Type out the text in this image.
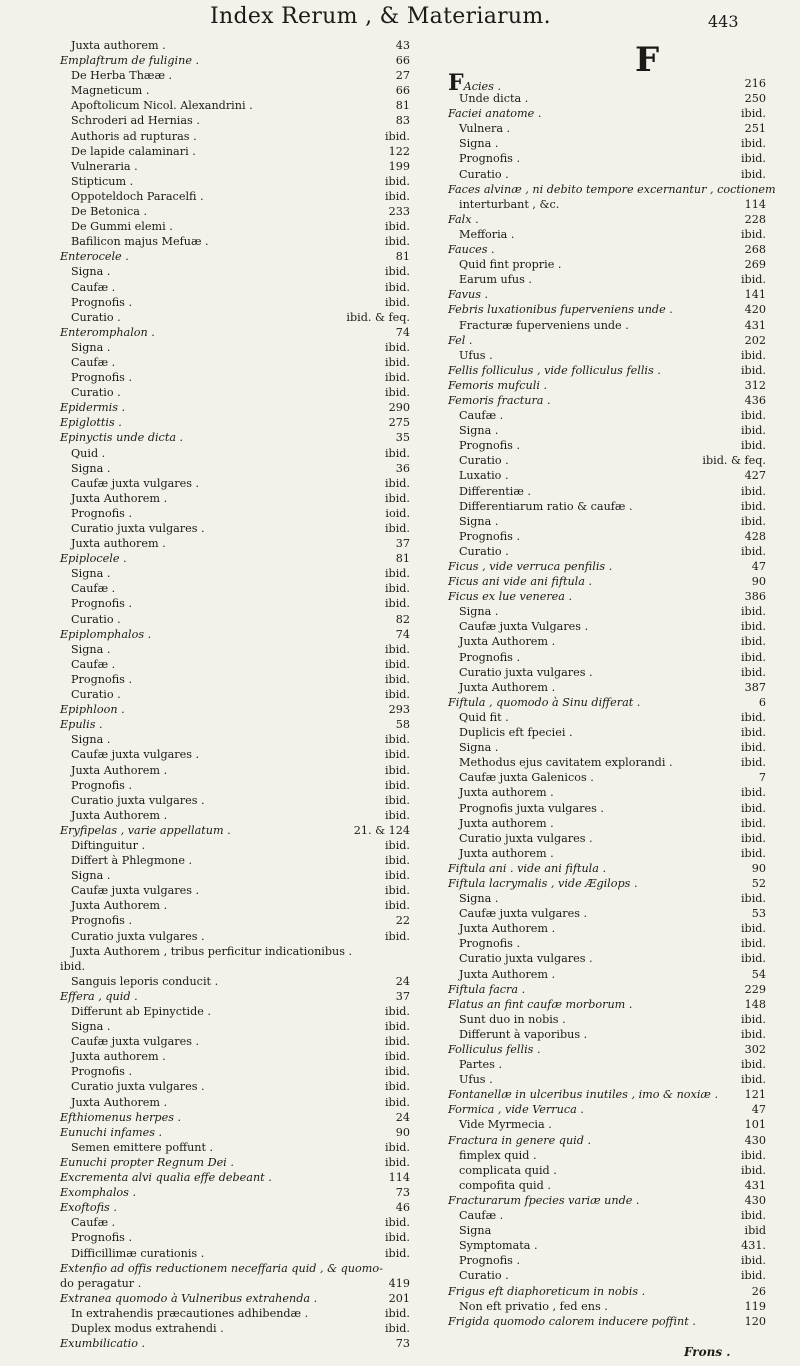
Index Rerum , & Materiarum.	443
F
Juxta authorem .	43
Emplaftrum de fuligine .	66
De Herba Thææ .	27
Magneticum .	66
Apoftolicum Nicol. Alexandrini .	81
Schroderi ad Hernias .	83
Authoris ad rupturas .	ibid.
De lapide calaminari .	122
Vulneraria .	199
Stipticum .	ibid.
Oppoteldoch Paracelfi .	ibid.
De Betonica .	233
De Gummi elemi .	ibid.
Bafilicon majus Mefuæ .	ibid.
Enterocele .	81
Signa .	ibid.
Caufæ .	ibid.
Prognofis .	ibid.
Curatio .	ibid. & feq.
Enteromphalon .	74
Signa .	ibid.
Caufæ .	ibid.
Prognofis .	ibid.
Curatio .	ibid.
Epidermis .	290
Epiglottis .	275
Epinyctis unde dicta .	35
Quid .	ibid.
Signa .	36
Caufæ juxta vulgares .	ibid.
Juxta Authorem .	ibid.
Prognofis .	ioid.
Curatio juxta vulgares .	ibid.
Juxta authorem .	37
Epiplocele .	81
Signa .	ibid.
Caufæ .	ibid.
Prognofis .	ibid.
Curatio .	82
Epiplomphalos .	74
Signa .	ibid.
Caufæ .	ibid.
Prognofis .	ibid.
Curatio .	ibid.
Epiphloon .	293
Epulis .	58
Signa .	ibid.
Caufæ juxta vulgares .	ibid.
Juxta Authorem .	ibid.
Prognofis .	ibid.
Curatio juxta vulgares .	ibid.
Juxta Authorem .	ibid.
Eryfipelas , varie appellatum .	21. & 124
Diftinguitur .	ibid.
Differt à Phlegmone .	ibid.
Signa .	ibid.
Caufæ juxta vulgares .	ibid.
Juxta Authorem .	ibid.
Prognofis .	22
Curatio juxta vulgares .	ibid.
Juxta Authorem , tribus perficitur indicationibus .
ibid.
Sanguis leporis conducit .	24
Effera , quid .	37
Differunt ab Epinyctide .	ibid.
Signa .	ibid.
Caufæ juxta vulgares .	ibid.
Juxta authorem .	ibid.
Prognofis .	ibid.
Curatio juxta vulgares .	ibid.
Juxta Authorem .	ibid.
Efthiomenus herpes .	24
Eunuchi infames .	90
Semen emittere poffunt .	ibid.
Eunuchi propter Regnum Dei .	ibid.
Excrementa alvi qualia effe debeant .	114
Exomphalos .	73
Exoftofis .	46
Caufæ .	ibid.
Prognofis .	ibid.
Difficillimæ curationis .	ibid.
Extenfio ad offis reductionem neceffaria quid , & quomo-
do peragatur .	419
Extranea quomodo à Vulneribus extrahenda .	201
In extrahendis præcautiones adhibendæ .	ibid.
Duplex modus extrahendi .	ibid.
Exumbilicatio .	73
FAcies .	216
Unde dicta .	250
Faciei anatome .	ibid.
Vulnera .	251
Signa .	ibid.
Prognofis .	ibid.
Curatio .	ibid.
Faces alvinæ , ni debito tempore excernantur , coctionem
interturbant , &c.	114
Falx .	228
Mefforia .	ibid.
Fauces .	268
Quid fint proprie .	269
Earum ufus .	ibid.
Favus .	141
Febris luxationibus fuperveniens unde .	420
Fracturæ fuperveniens unde .	431
Fel .	202
Ufus .	ibid.
Fellis folliculus , vide folliculus fellis .	ibid.
Femoris mufculi .	312
Femoris fractura .	436
Caufæ .	ibid.
Signa .	ibid.
Prognofis .	ibid.
Curatio .	ibid. & feq.
Luxatio .	427
Differentiæ .	ibid.
Differentiarum ratio & caufæ .	ibid.
Signa .	ibid.
Prognofis .	428
Curatio .	ibid.
Ficus , vide verruca penfilis .	47
Ficus ani vide ani fiftula .	90
Ficus ex lue venerea .	386
Signa .	ibid.
Caufæ juxta Vulgares .	ibid.
Juxta Authorem .	ibid.
Prognofis .	ibid.
Curatio juxta vulgares .	ibid.
Juxta Authorem .	387
Fiftula , quomodo à Sinu differat .	6
Quid fit .	ibid.
Duplicis eft fpeciei .	ibid.
Signa .	ibid.
Methodus ejus cavitatem explorandi .	ibid.
Caufæ juxta Galenicos .	7
Juxta authorem .	ibid.
Prognofis juxta vulgares .	ibid.
Juxta authorem .	ibid.
Curatio juxta vulgares .	ibid.
Juxta authorem .	ibid.
Fiftula ani . vide ani fiftula .	90
Fiftula lacrymalis , vide Ægilops .	52
Signa .	ibid.
Caufæ juxta vulgares .	53
Juxta Authorem .	ibid.
Prognofis .	ibid.
Curatio juxta vulgares .	ibid.
Juxta Authorem .	54
Fiftula facra .	229
Flatus an fint caufæ morborum .	148
Sunt duo in nobis .	ibid.
Differunt à vaporibus .	ibid.
Folliculus fellis .	302
Partes .	ibid.
Ufus .	ibid.
Fontanellæ in ulceribus inutiles , imo & noxiæ . 121
Formica , vide Verruca .	47
Vide Myrmecia .	101
Fractura in genere quid .	430
fimplex quid .	ibid.
complicata quid .	ibid.
compofita quid .	431
Fracturarum fpecies variæ unde .	430
Caufæ .	ibid.
Signa	ibid
Symptomata .	431.
Prognofis .	ibid.
Curatio .	ibid.
Frigus eft diaphoreticum in nobis .	26
Non eft privatio , fed ens .	119
Frigida quomodo calorem inducere poffint .	120
Frons .
